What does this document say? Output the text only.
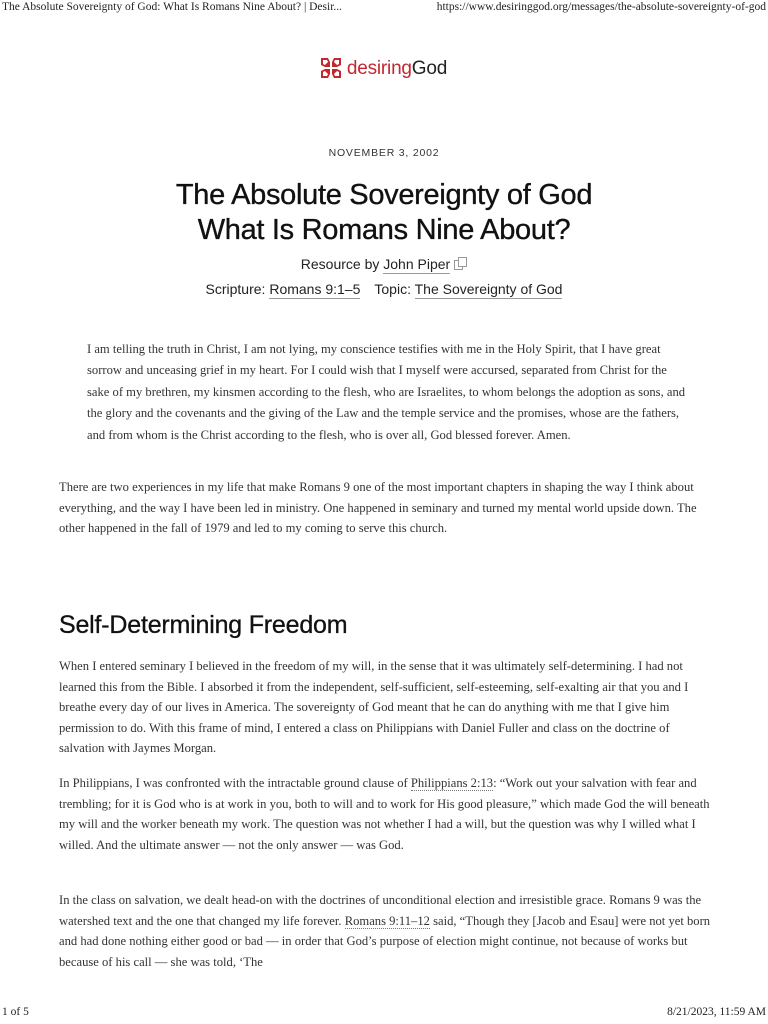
The Absolute Sovereignty of God: What Is Romans Nine About? | Desir...	https://www.desiringgod.org/messages/the-absolute-sovereignty-of-god
desiringGod
NOVEMBER 3, 2002
The Absolute Sovereignty of God
What Is Romans Nine About?
Resource by John Piper
Scripture: Romans 9:1–5 Topic: The Sovereignty of God
I am telling the truth in Christ, I am not lying, my conscience testifies with me in the Holy Spirit, that I have great sorrow and unceasing grief in my heart. For I could wish that I myself were accursed, separated from Christ for the sake of my brethren, my kinsmen according to the flesh, who are Israelites, to whom belongs the adoption as sons, and the glory and the covenants and the giving of the Law and the temple service and the promises, whose are the fathers, and from whom is the Christ according to the flesh, who is over all, God blessed forever. Amen.

There are two experiences in my life that make Romans 9 one of the most important chapters in shaping the way I think about everything, and the way I have been led in ministry. One happened in seminary and turned my mental world upside down. The other happened in the fall of 1979 and led to my coming to serve this church.

Self-Determining Freedom

When I entered seminary I believed in the freedom of my will, in the sense that it was ultimately self-determining. I had not learned this from the Bible. I absorbed it from the independent, self-sufficient, self-esteeming, self-exalting air that you and I breathe every day of our lives in America. The sovereignty of God meant that he can do anything with me that I give him permission to do. With this frame of mind, I entered a class on Philippians with Daniel Fuller and class on the doctrine of salvation with Jaymes Morgan.

In Philippians, I was confronted with the intractable ground clause of Philippians 2:13: “Work out your salvation with fear and trembling; for it is God who is at work in you, both to will and to work for His good pleasure,” which made God the will beneath my will and the worker beneath my work. The question was not whether I had a will, but the question was why I willed what I willed. And the ultimate answer — not the only answer — was God.

In the class on salvation, we dealt head-on with the doctrines of unconditional election and irresistible grace. Romans 9 was the watershed text and the one that changed my life forever. Romans 9:11–12 said, “Though they [Jacob and Esau] were not yet born and had done nothing either good or bad — in order that God’s purpose of election might continue, not because of works but because of his call — she was told, ‘The

1 of 5	8/21/2023, 11:59 AM
